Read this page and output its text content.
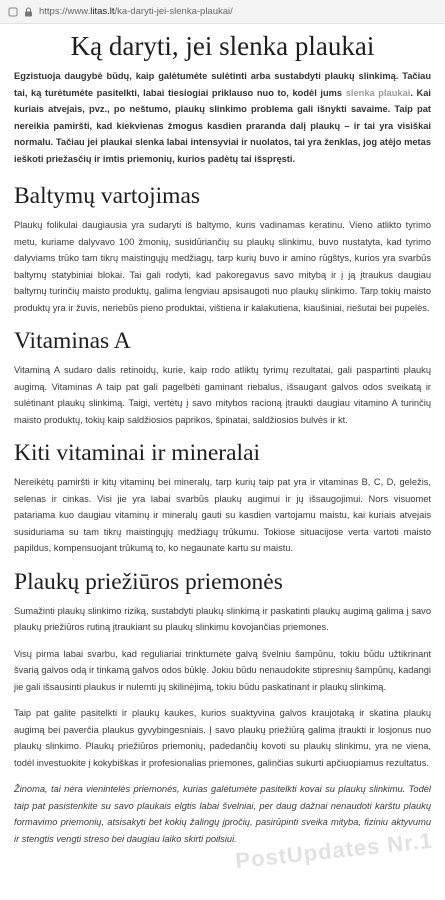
https://www.litas.lt/ka-daryti-jei-slenka-plaukai/
Ką daryti, jei slenka plaukai

Egzistuoja daugybė būdų, kaip galėtumėte sulėtinti arba sustabdyti plaukų slinkimą. Tačiau tai, ką turėtumėte pasitelkti, labai tiesiogiai priklauso nuo to, kodėl jums slenka plaukai. Kai kuriais atvejais, pvz., po neštumo, plaukų slinkimo problema gali išnykti savaime. Taip pat nereikia pamiršti, kad kiekvienas žmogus kasdien praranda dalį plaukų – ir tai yra visiškai normalu. Tačiau jei plaukai slenka labai intensyviai ir nuolatos, tai yra ženklas, jog atėjo metas ieškoti priežasčių ir imtis priemonių, kurios padėtų tai išspręsti.

Baltymų vartojimas

Plaukų folikulai daugiausia yra sudaryti iš baltymo, kuris vadinamas keratinu. Vieno atlikto tyrimo metu, kuriame dalyvavo 100 žmonių, susidūriančių su plaukų slinkimu, buvo nustatyta, kad tyrimo dalyviams trūko tam tikrų maistingųjų medžiagų, tarp kurių buvo ir amino rūgštys, kurios yra svarbūs baltymų statybiniai blokai. Tai gali rodyti, kad pakoregavus savo mitybą ir į ją įtraukus daugiau baltymų turinčių maisto produktų, galima lengviau apsisaugoti nuo plaukų slinkimo. Tarp tokių maisto produktų yra ir žuvis, neriebūs pieno produktai, vištiena ir kalakutiena, kiaušiniai, riešutai bei pupelės.

Vitaminas A

Vitaminą A sudaro dalis retinoidų, kurie, kaip rodo atliktų tyrimų rezultatai, gali paspartinti plaukų augimą. Vitaminas A taip pat gali pagelbėti gaminant riebalus, išsaugant galvos odos sveikatą ir sulėtinant plaukų slinkimą. Taigi, vertėtų į savo mitybos racioną įtraukti daugiau vitamino A turinčių maisto produktų, tokių kaip saldžiosios paprikos, špinatai, saldžiosios bulvės ir kt.

Kiti vitaminai ir mineralai

Nereikėtų pamiršti ir kitų vitaminų bei mineralų, tarp kurių taip pat yra ir vitaminas B, C, D, geležis, selenas ir cinkas. Visi jie yra labai svarbūs plaukų augimui ir jų išsaugojimui. Nors visuomet patariama kuo daugiau vitaminų ir mineralų gauti su kasdien vartojamu maistu, kai kuriais atvejais susiduriama su tam tikrų maistingųjų medžiagų trūkumu. Tokiose situacijose verta vartoti maisto papildus, kompensuojant trūkumą to, ko negaunate kartu su maistu.

Plaukų priežiūros priemonės

Sumažinti plaukų slinkimo riziką, sustabdyti plaukų slinkimą ir paskatinti plaukų augimą galima į savo plaukų priežiūros rutiną įtraukiant su plaukų slinkimu kovojančias priemones.

Visų pirma labai svarbu, kad reguliariai trinktumėte galvą švelniu šampūnu, tokiu būdu užtikrinant švarią galvos odą ir tinkamą galvos odos būklę. Jokiu būdu nenaudokite stipresnių šampūnų, kadangi jie gali išsausinti plaukus ir nulemti jų skilinėjimą, tokiu būdu paskatinant ir plaukų slinkimą.

Taip pat galite pasitelkti ir plaukų kaukes, kurios suaktyvina galvos kraujotaką ir skatina plaukų augimą bei paverčia plaukus gyvybingesniais. Į savo plaukų priežiūrą galima įtraukti ir losjonus nuo plaukų slinkimo. Plaukų priežiūros priemonių, padedančių kovoti su plaukų slinkimu, yra ne viena, todėl investuokite į kokybiškas ir profesionalias priemones, galinčias sukurti apčiuopiamus rezultatus.

Žinoma, tai nėra vienintelės priemonės, kurias galėtumėte pasitelkti kovai su plaukų slinkimu. Todėl taip pat pasistenkite su savo plaukais elgtis labai švelniai, per daug dažnai nenaudoti karštu plaukų formavimo priemonių, atsisakyti bet kokių žalingų įpročių, pasirūpinti sveika mityba, fiziniu aktyvumu ir stengtis vengti streso bei daugiau laiko skirti poilsiui.

PostUpdates Nr.1
